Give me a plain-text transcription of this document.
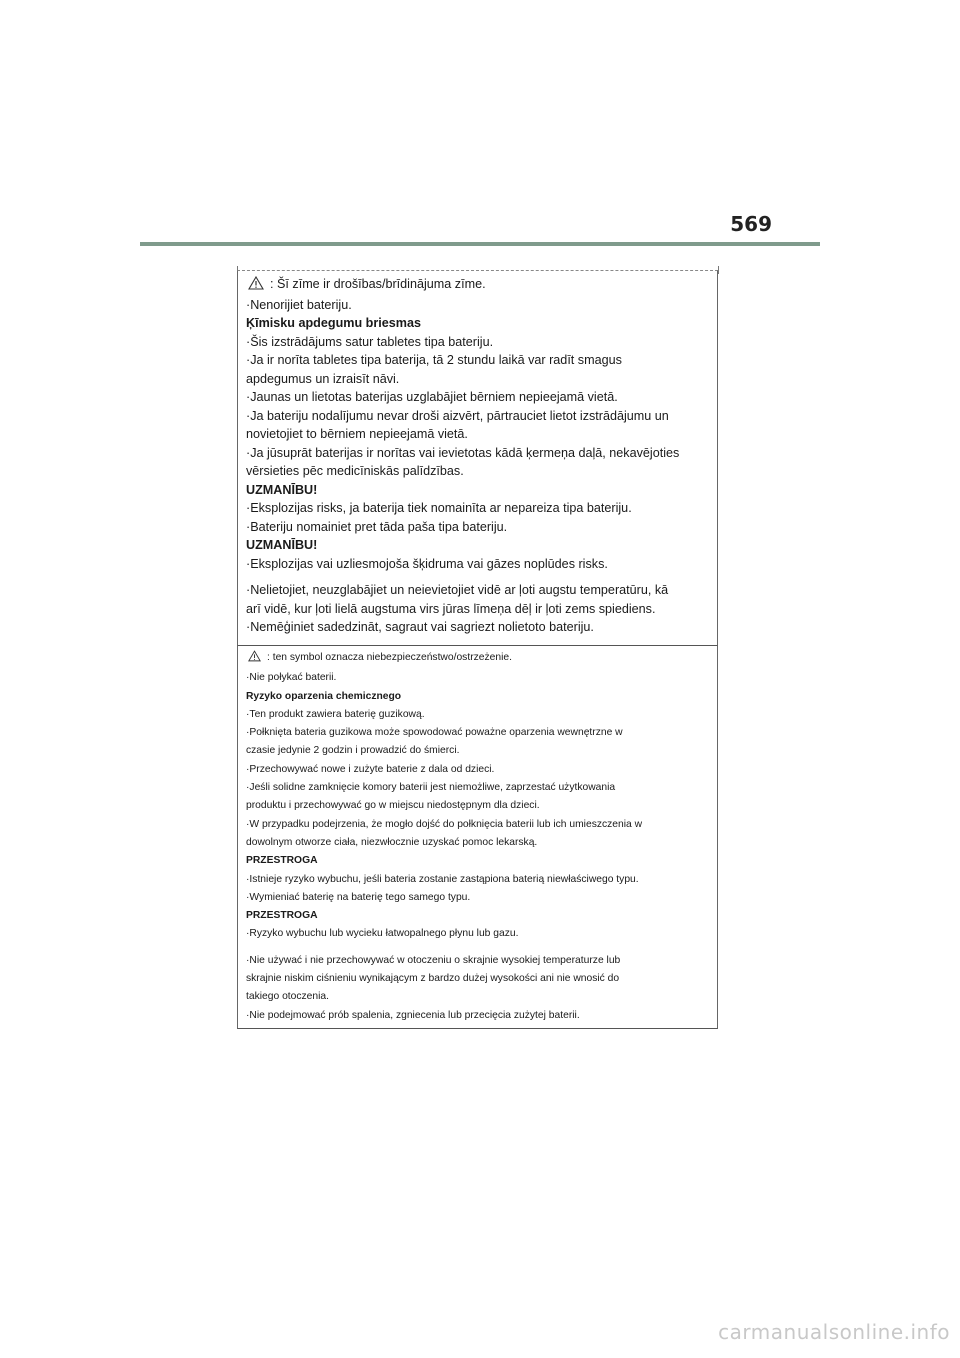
569
: Šī zīme ir drošības/brīdinājuma zīme.
·Nenorijiet bateriju.
Ķīmisku apdegumu briesmas
·Šis izstrādājums satur tabletes tipa bateriju.
·Ja ir norīta tabletes tipa baterija, tā 2 stundu laikā var radīt smagus
apdegumus un izraisīt nāvi.
·Jaunas un lietotas baterijas uzglabājiet bērniem nepieejamā vietā.
·Ja bateriju nodalījumu nevar droši aizvērt, pārtrauciet lietot izstrādājumu un
novietojiet to bērniem nepieejamā vietā.
·Ja jūsuprāt baterijas ir norītas vai ievietotas kādā ķermeņa daļā, nekavējoties
vērsieties pēc medicīniskās palīdzības.
UZMANĪBU!
·Eksplozijas risks, ja baterija tiek nomainīta ar nepareiza tipa bateriju.
·Bateriju nomainiet pret tāda paša tipa bateriju.
UZMANĪBU!
·Eksplozijas vai uzliesmojoša šķidruma vai gāzes noplūdes risks.
·Nelietojiet, neuzglabājiet un neievietojiet vidē ar ļoti augstu temperatūru, kā
arī vidē, kur ļoti lielā augstuma virs jūras līmeņa dēļ ir ļoti zems spiediens.
·Nemēģiniet sadedzināt, sagraut vai sagriezt nolietoto bateriju.
: ten symbol oznacza niebezpieczeństwo/ostrzeżenie.
·Nie połykać baterii.
Ryzyko oparzenia chemicznego
·Ten produkt zawiera baterię guzikową.
·Połknięta bateria guzikowa może spowodować poważne oparzenia wewnętrzne w
czasie jedynie 2 godzin i prowadzić do śmierci.
·Przechowywać nowe i zużyte baterie z dala od dzieci.
·Jeśli solidne zamknięcie komory baterii jest niemożliwe, zaprzestać użytkowania
produktu i przechowywać go w miejscu niedostępnym dla dzieci.
·W przypadku podejrzenia, że mogło dojść do połknięcia baterii lub ich umieszczenia w
dowolnym otworze ciała, niezwłocznie uzyskać pomoc lekarską.
PRZESTROGA
·Istnieje ryzyko wybuchu, jeśli bateria zostanie zastąpiona baterią niewłaściwego typu.
·Wymieniać baterię na baterię tego samego typu.
PRZESTROGA
·Ryzyko wybuchu lub wycieku łatwopalnego płynu lub gazu.
·Nie używać i nie przechowywać w otoczeniu o skrajnie wysokiej temperaturze lub
skrajnie niskim ciśnieniu wynikającym z bardzo dużej wysokości ani nie wnosić do
takiego otoczenia.
·Nie podejmować prób spalenia, zgniecenia lub przecięcia zużytej baterii.
carmanualsonline.info
